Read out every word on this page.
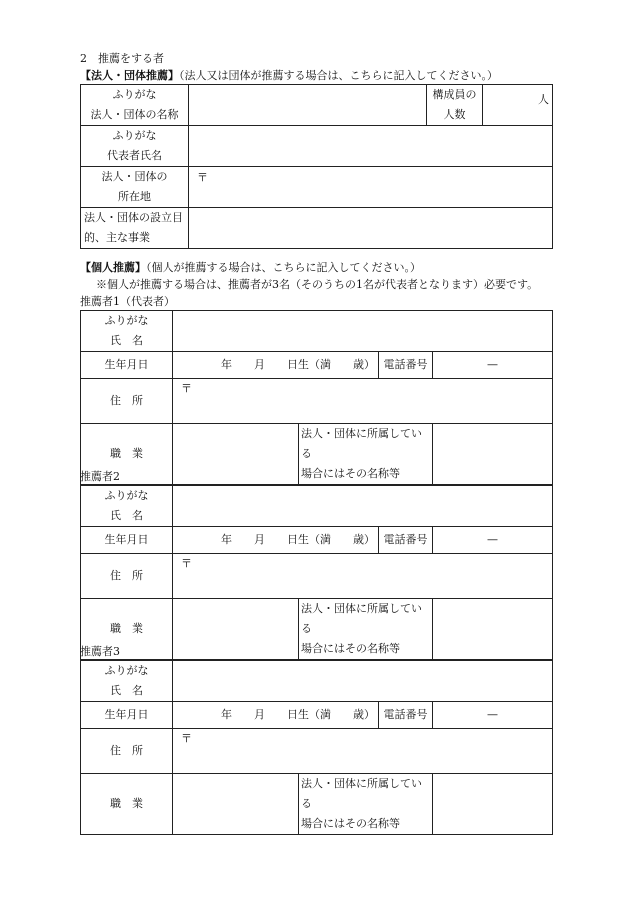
2　推薦をする者
【法人・団体推薦】（法人又は団体が推薦する場合は、こちらに記入してください。）
ふりがな
法人・団体の名称		構成員の
人数	人

ふりがな
代表者氏名			

法人・団体の
所在地	〒		

法人・団体の設立目
的、主な事業			

【個人推薦】（個人が推薦する場合は、こちらに記入してください。）
※個人が推薦する場合は、推薦者が3名（そのうちの1名が代表者となります）必要です。
推薦者1（代表者）
ふりがな
氏　名				

生年月日	年　　月　　日生（満　　歳）		電話番号	—
住　所	〒			
職　業		法人・団体に所属している
場合にはその名称等		

推薦者2
ふりがな
氏　名				

生年月日	年　　月　　日生（満　　歳）		電話番号	—
住　所	〒			
職　業		法人・団体に所属している
場合にはその名称等		

推薦者3
ふりがな
氏　名				

生年月日	年　　月　　日生（満　　歳）		電話番号	—
住　所	〒			
職　業		法人・団体に所属している
場合にはその名称等		
